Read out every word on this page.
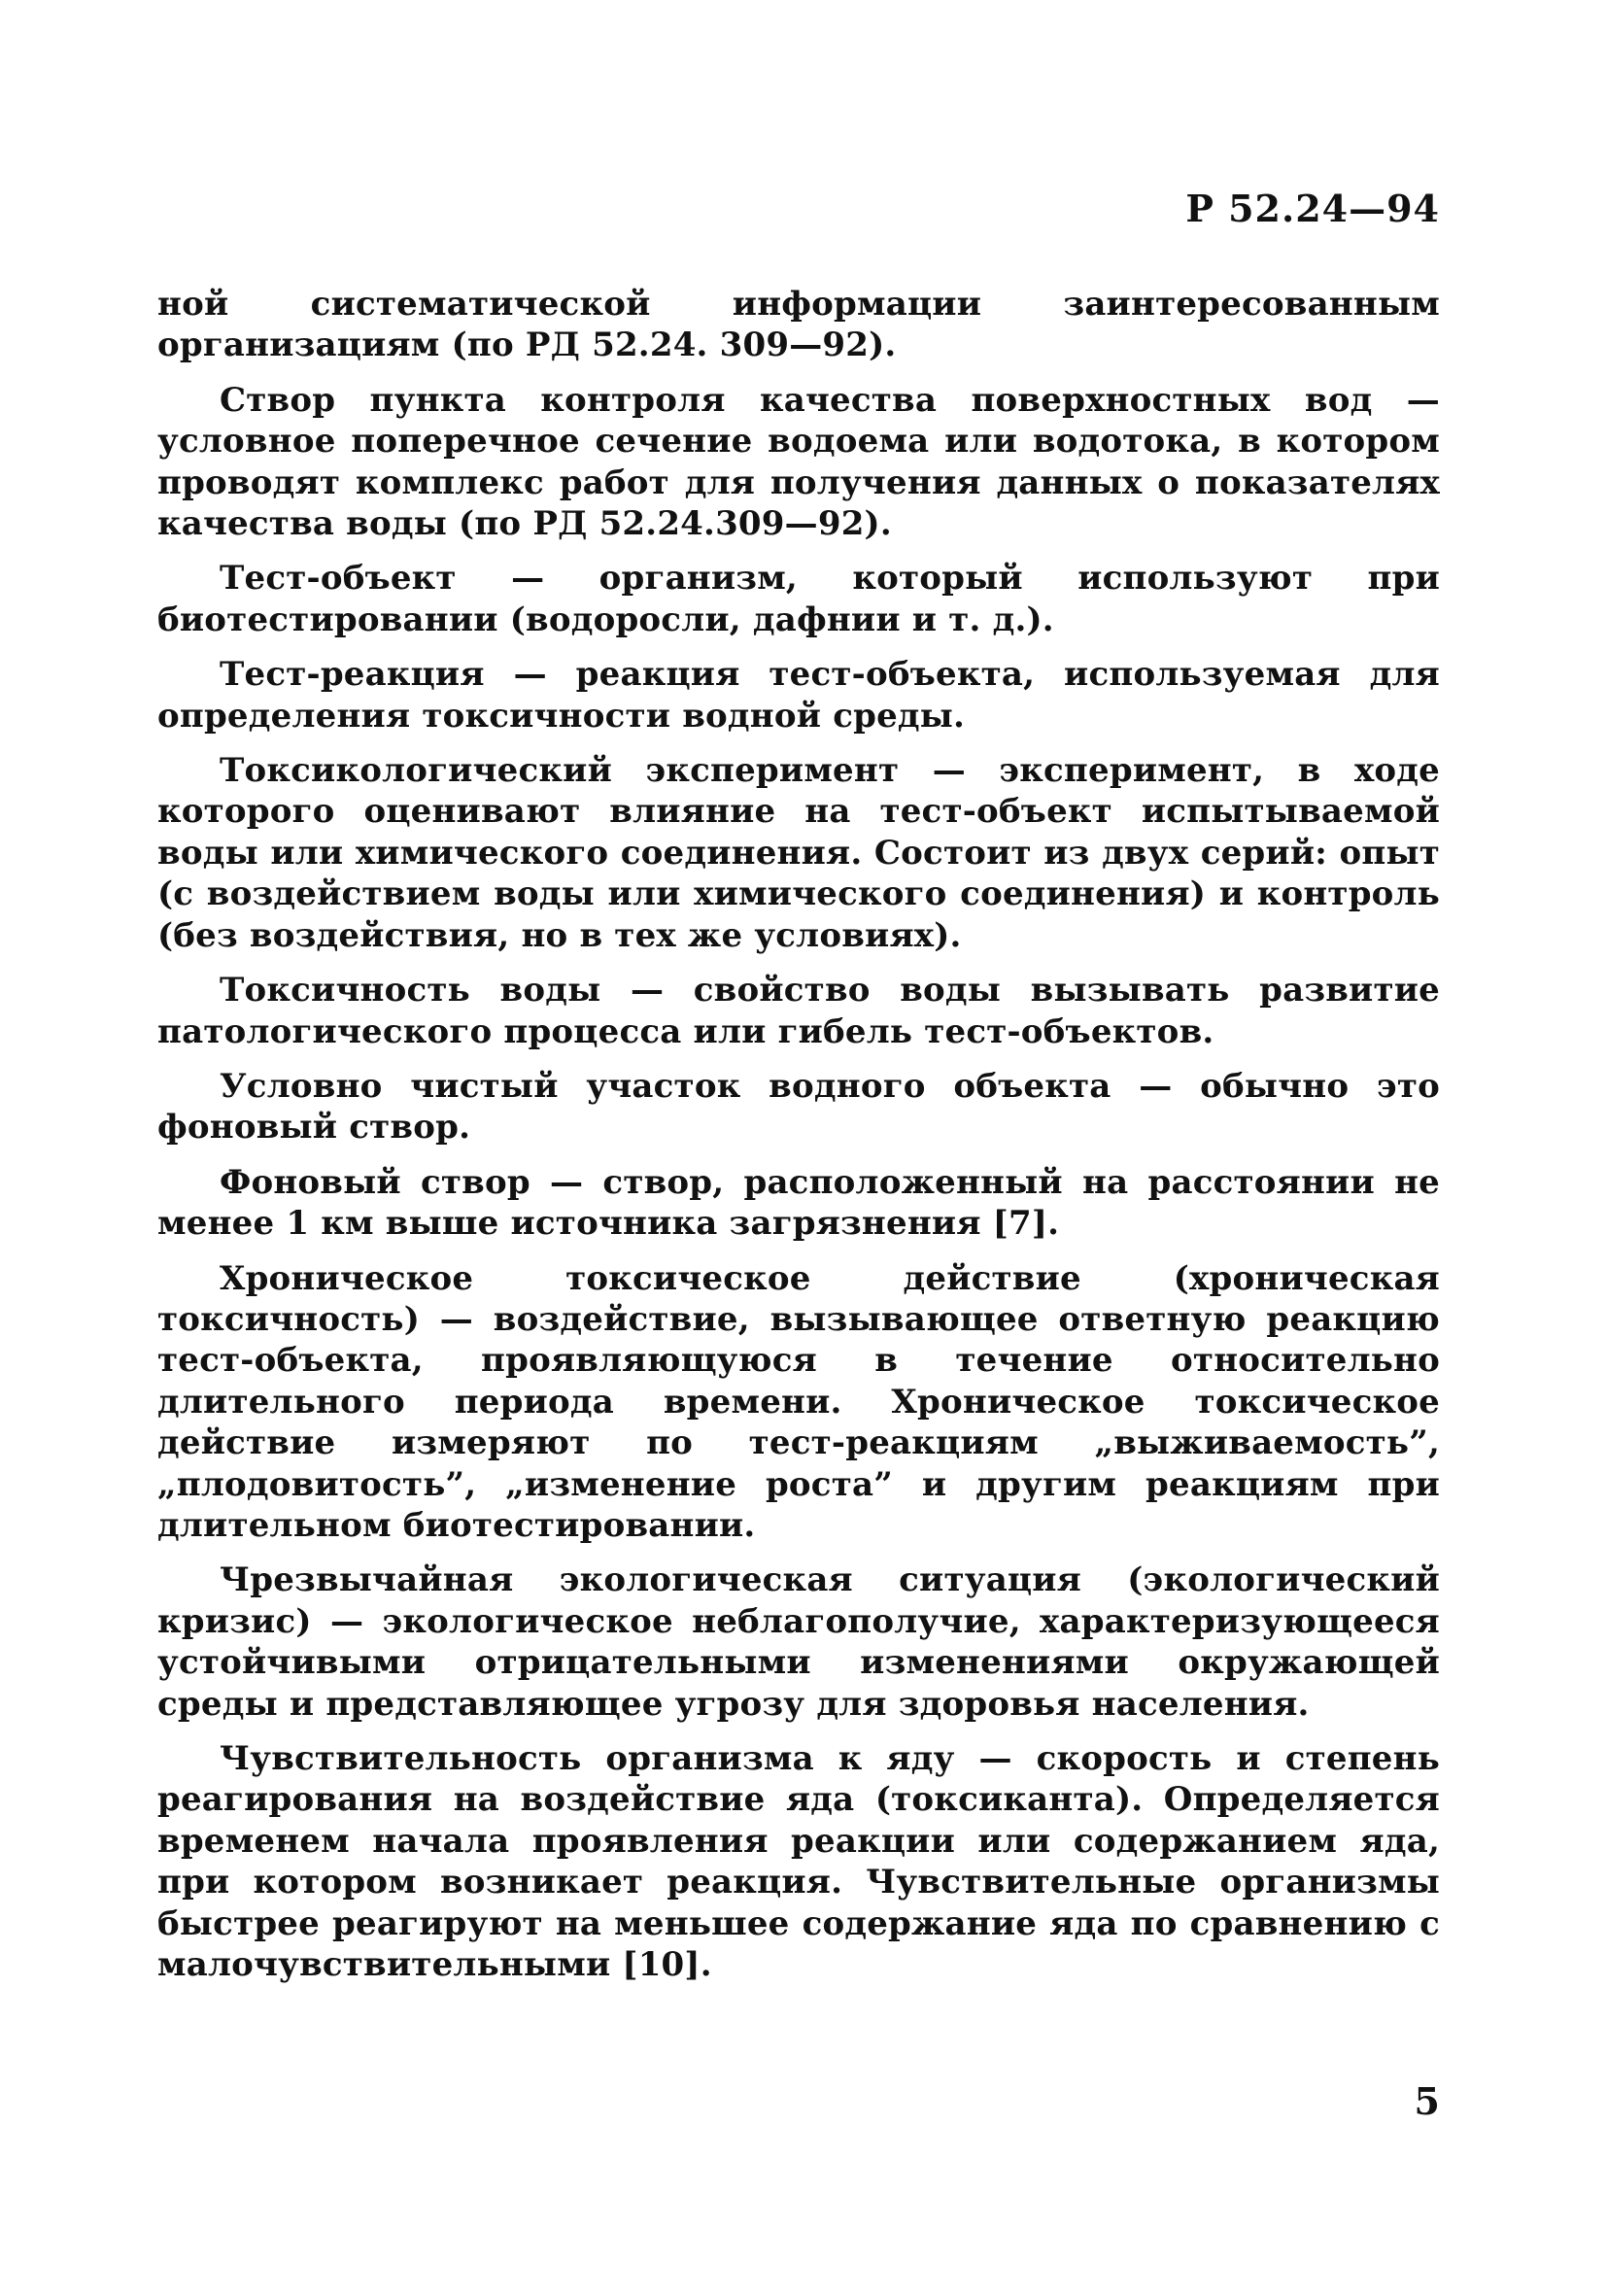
Р 52.24—94

ной систематической информации заинтересованным организациям (по РД 52.24. 309—92).

Створ пункта контроля качества поверхностных вод — условное поперечное сечение водоема или водотока, в котором проводят комплекс работ для получения данных о показателях качества воды (по РД 52.24.309—92).

Тест-объект — организм, который используют при биотестировании (водоросли, дафнии и т. д.).

Тест-реакция — реакция тест-объекта, используемая для определения токсичности водной среды.

Токсикологический эксперимент — эксперимент, в ходе которого оценивают влияние на тест-объект испытываемой воды или химического соединения. Состоит из двух серий: опыт (с воздействием воды или химического соединения) и контроль (без воздействия, но в тех же условиях).

Токсичность воды — свойство воды вызывать развитие патологического процесса или гибель тест-объектов.

Условно чистый участок водного объекта — обычно это фоновый створ.

Фоновый створ — створ, расположенный на расстоянии не менее 1 км выше источника загрязнения [7].

Хроническое токсическое действие (хроническая токсичность) — воздействие, вызывающее ответную реакцию тест-объекта, проявляющуюся в течение относительно длительного периода времени. Хроническое токсическое действие измеряют по тест-реакциям „выживаемость”, „плодовитость”, „изменение роста” и другим реакциям при длительном биотестировании.

Чрезвычайная экологическая ситуация (экологический кризис) — экологическое неблагополучие, характеризующееся устойчивыми отрицательными изменениями окружающей среды и представляющее угрозу для здоровья населения.

Чувствительность организма к яду — скорость и степень реагирования на воздействие яда (токсиканта). Определяется временем начала проявления реакции или содержанием яда, при котором возникает реакция. Чувствительные организмы быстрее реагируют на меньшее содержание яда по сравнению с малочувствительными [10].

5
